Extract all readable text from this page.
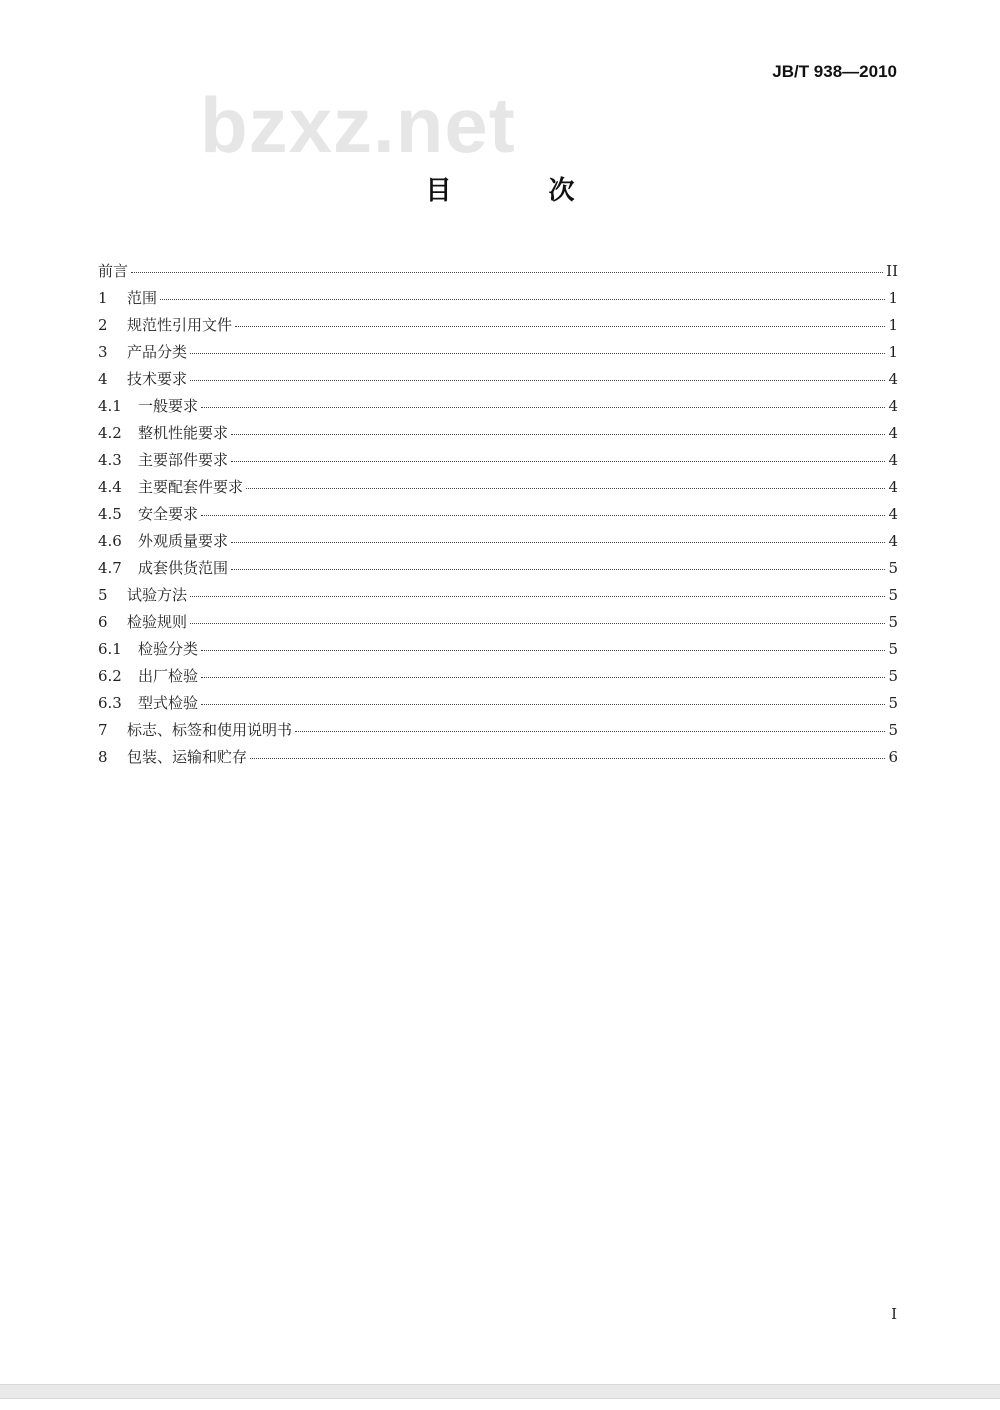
JB/T 938—2010
bzxz.net
目 次
前言	II
1	范围	1
2	规范性引用文件	1
3	产品分类	1
4	技术要求	4
4.1	一般要求	4
4.2	整机性能要求	4
4.3	主要部件要求	4
4.4	主要配套件要求	4
4.5	安全要求	4
4.6	外观质量要求	4
4.7	成套供货范围	5
5	试验方法	5
6	检验规则	5
6.1	检验分类	5
6.2	出厂检验	5
6.3	型式检验	5
7	标志、标签和使用说明书	5
8	包装、运输和贮存	6
I
